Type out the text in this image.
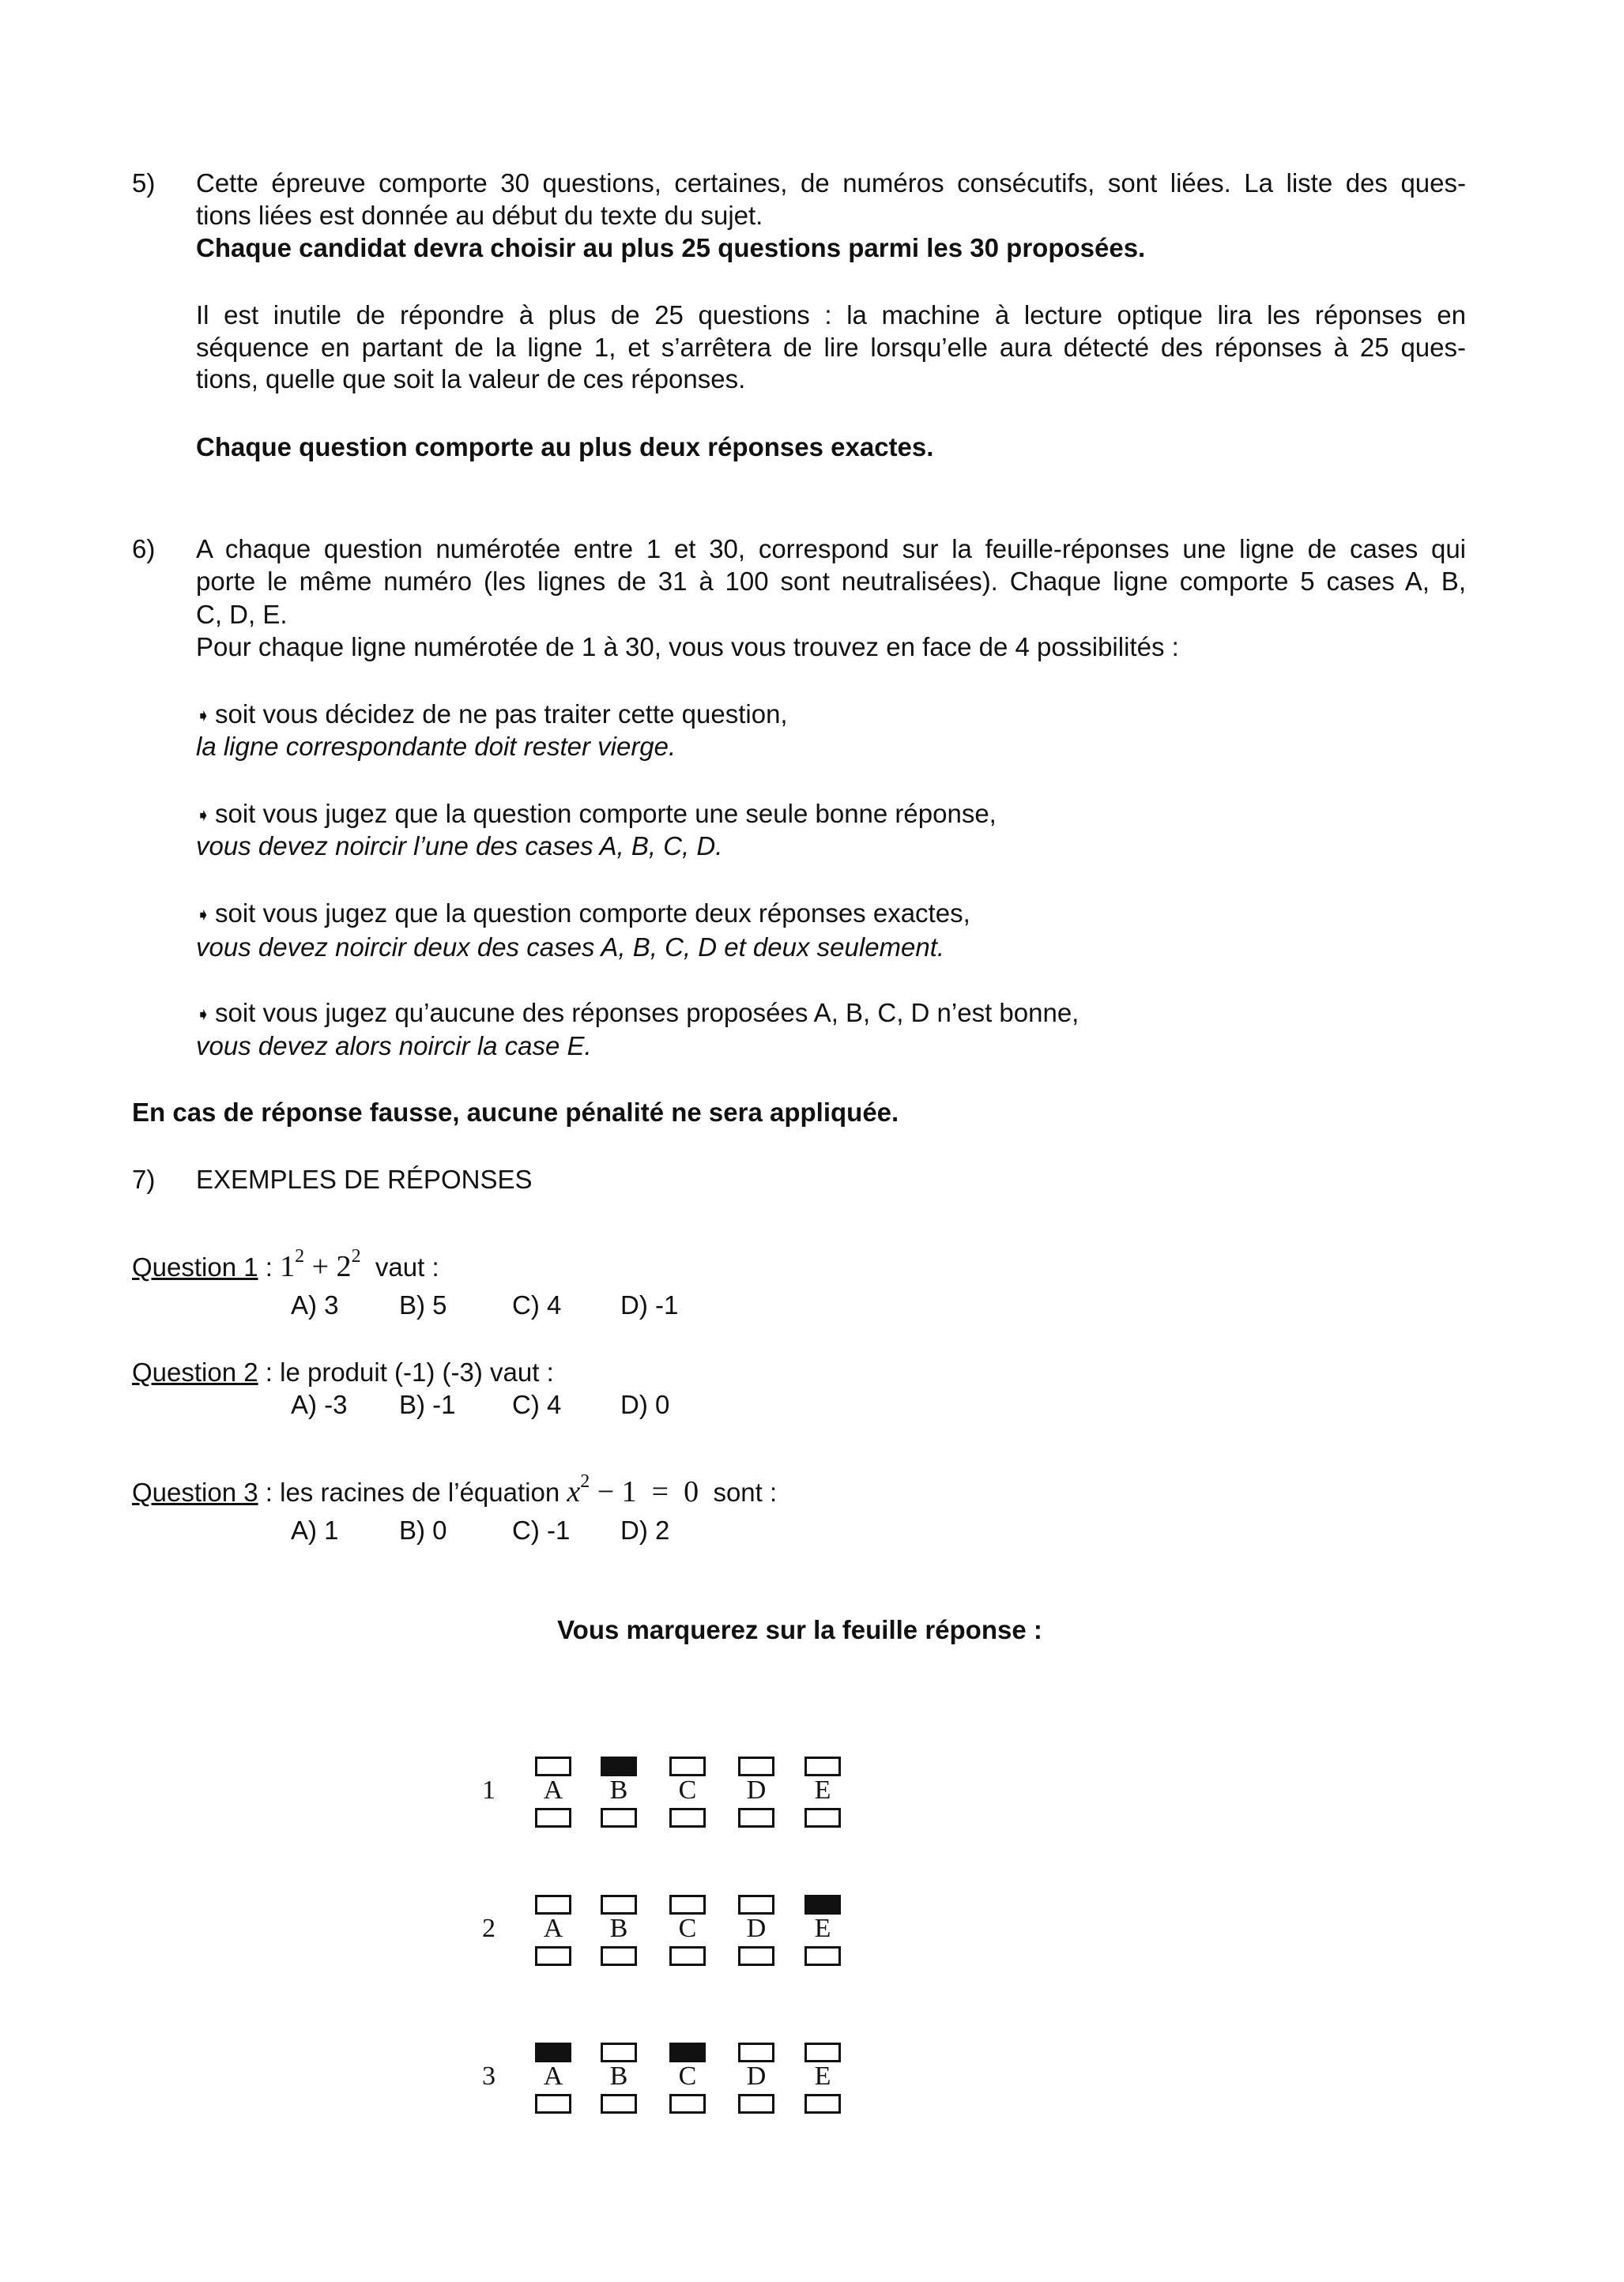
5) Cette épreuve comporte 30 questions, certaines, de numéros consécutifs, sont liées. La liste des ques-
tions liées est donnée au début du texte du sujet.
Chaque candidat devra choisir au plus 25 questions parmi les 30 proposées.
Il est inutile de répondre à plus de 25 questions : la machine à lecture optique lira les réponses en
séquence en partant de la ligne 1, et s’arrêtera de lire lorsqu’elle aura détecté des réponses à 25 ques-
tions, quelle que soit la valeur de ces réponses.
Chaque question comporte au plus deux réponses exactes.
6) A chaque question numérotée entre 1 et 30, correspond sur la feuille-réponses une ligne de cases qui
porte le même numéro (les lignes de 31 à 100 sont neutralisées). Chaque ligne comporte 5 cases A, B,
C, D, E.
Pour chaque ligne numérotée de 1 à 30, vous vous trouvez en face de 4 possibilités :
➧ soit vous décidez de ne pas traiter cette question,
la ligne correspondante doit rester vierge.
➧ soit vous jugez que la question comporte une seule bonne réponse,
vous devez noircir l’une des cases A, B, C, D.
➧ soit vous jugez que la question comporte deux réponses exactes,
vous devez noircir deux des cases A, B, C, D et deux seulement.
➧ soit vous jugez qu’aucune des réponses proposées A, B, C, D n’est bonne,
vous devez alors noircir la case E.
En cas de réponse fausse, aucune pénalité ne sera appliquée.
7) EXEMPLES DE RÉPONSES
Question 1 : $1^2 + 2^2$ vaut :
A) 3 B) 5 C) 4 D) -1
Question 2 : le produit (-1) (-3) vaut :
A) -3 B) -1 C) 4 D) 0
Question 3 : les racines de l’équation $x^2 - 1 = 0$ sont :
A) 1 B) 0 C) -1 D) 2
Vous marquerez sur la feuille réponse :
1	A	B	C	D	E
2	A	B	C	D	E
3	A	B	C	D	E
